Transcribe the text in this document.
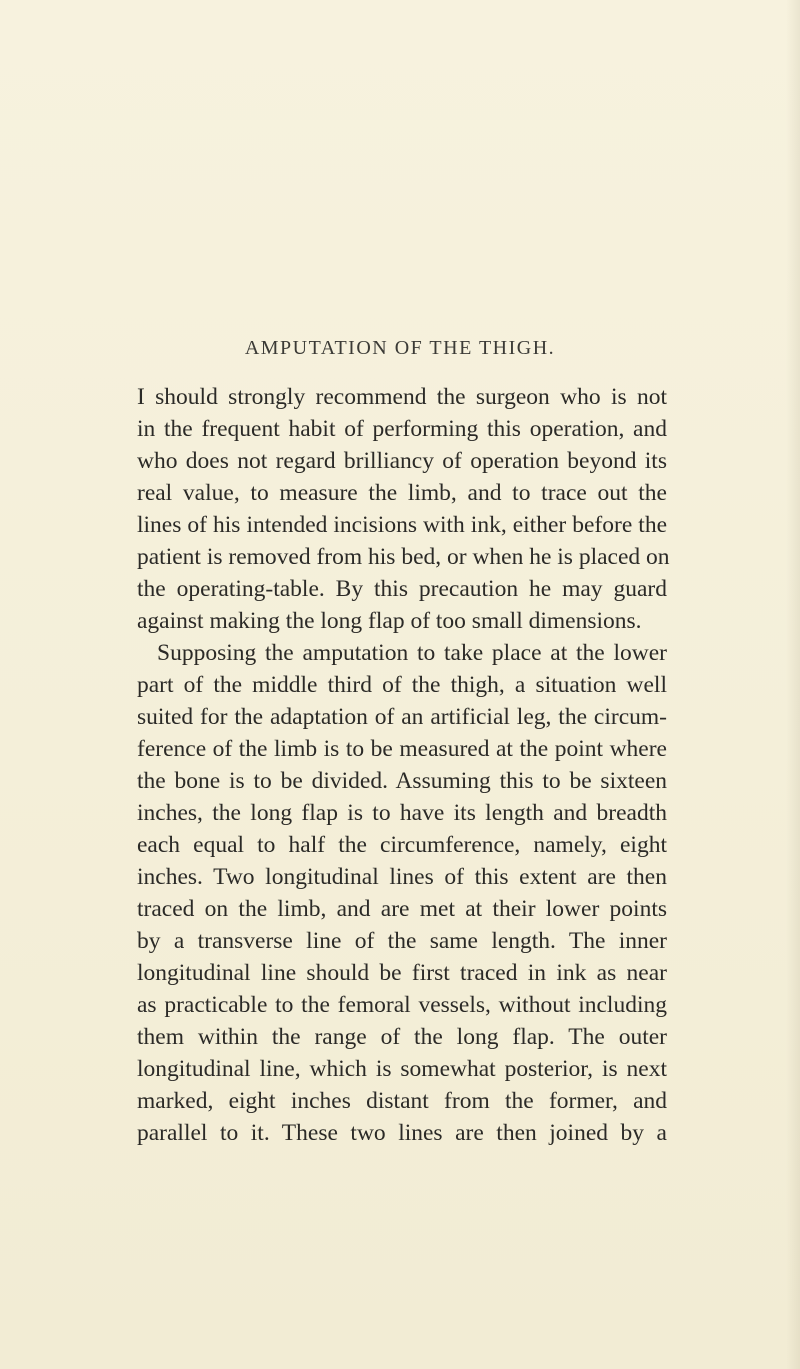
AMPUTATION OF THE THIGH.
I should strongly recommend the surgeon who is not
in the frequent habit of performing this operation, and
who does not regard brilliancy of operation beyond its
real value, to measure the limb, and to trace out the
lines of his intended incisions with ink, either before the
patient is removed from his bed, or when he is placed on
the operating-table. By this precaution he may guard
against making the long flap of too small dimensions.
Supposing the amputation to take place at the lower
part of the middle third of the thigh, a situation well
suited for the adaptation of an artificial leg, the circum-
ference of the limb is to be measured at the point where
the bone is to be divided. Assuming this to be sixteen
inches, the long flap is to have its length and breadth
each equal to half the circumference, namely, eight
inches. Two longitudinal lines of this extent are then
traced on the limb, and are met at their lower points
by a transverse line of the same length. The inner
longitudinal line should be first traced in ink as near
as practicable to the femoral vessels, without including
them within the range of the long flap. The outer
longitudinal line, which is somewhat posterior, is next
marked, eight inches distant from the former, and
parallel to it. These two lines are then joined by a
